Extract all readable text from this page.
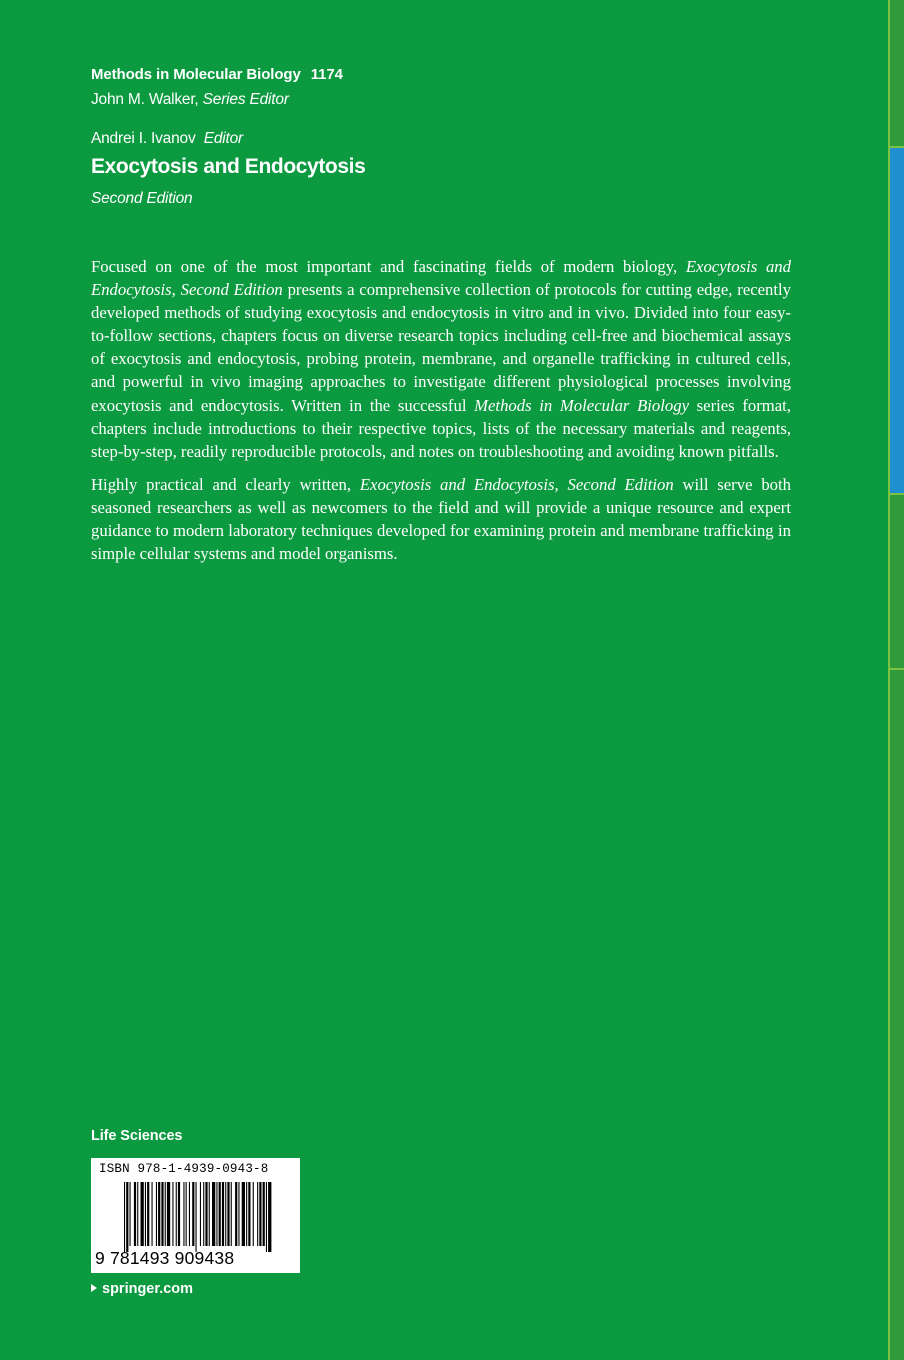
Methods in Molecular Biology 1174
John M. Walker, Series Editor
Andrei I. Ivanov Editor
Exocytosis and Endocytosis
Second Edition

Focused on one of the most important and fascinating fields of modern biology, Exocytosis and Endocytosis, Second Edition presents a comprehensive collection of protocols for cutting edge, recently developed methods of studying exocytosis and endocytosis in vitro and in vivo. Divided into four easy-to-follow sections, chapters focus on diverse research topics including cell-free and biochemical assays of exocytosis and endocytosis, probing protein, membrane, and organelle trafficking in cultured cells, and powerful in vivo imaging approaches to investigate different physiological processes involving exocytosis and endocytosis. Written in the successful Methods in Molecular Biology series format, chapters include introductions to their respective topics, lists of the necessary materials and reagents, step-by-step, readily reproducible protocols, and notes on troubleshooting and avoiding known pitfalls.

Highly practical and clearly written, Exocytosis and Endocytosis, Second Edition will serve both seasoned researchers as well as newcomers to the field and will provide a unique resource and expert guidance to modern laboratory techniques developed for examining protein and membrane trafficking in simple cellular systems and model organisms.

Life Sciences
ISBN 978-1-4939-0943-8
9 781493 909438
springer.com
